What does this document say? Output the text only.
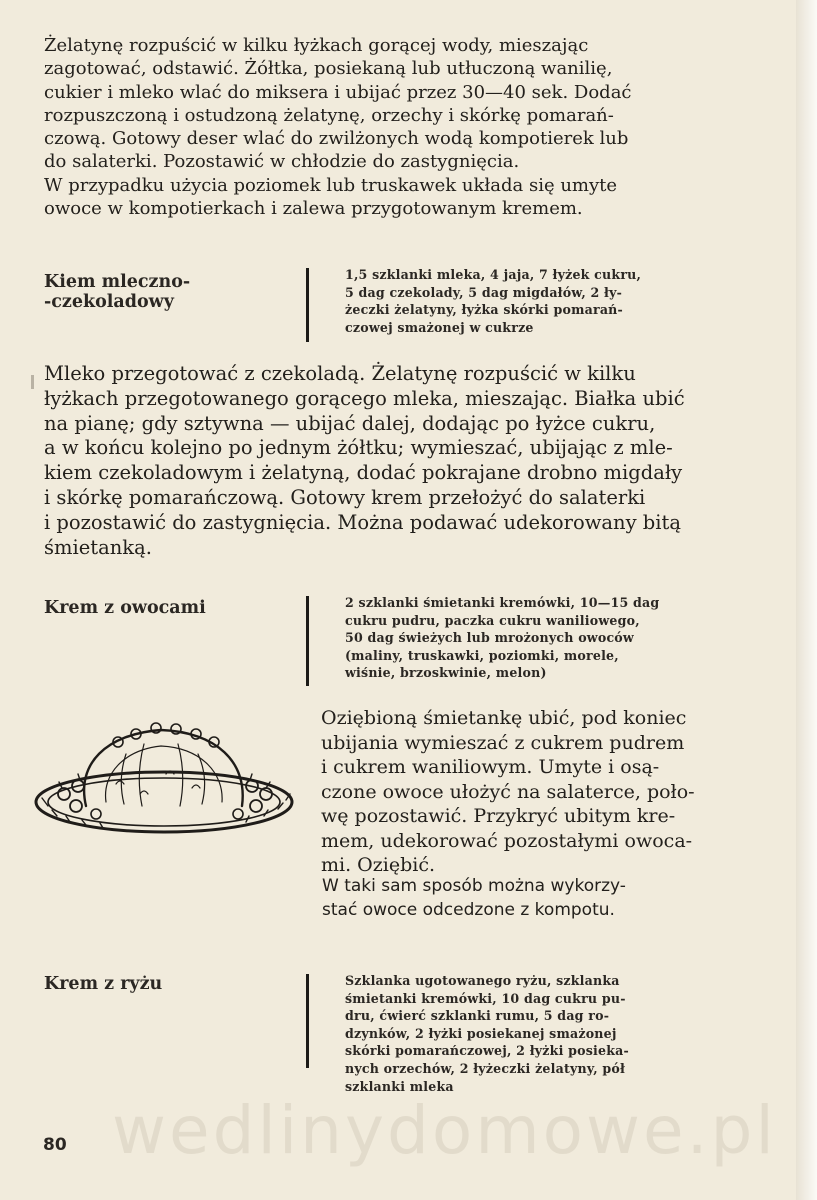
Żelatynę rozpuścić w kilku łyżkach gorącej wody, mieszając
zagotować, odstawić. Żółtka, posiekaną lub utłuczoną wanilię,
cukier i mleko wlać do miksera i ubijać przez 30—40 sek. Dodać
rozpuszczoną i ostudzoną żelatynę, orzechy i skórkę pomarań-
czową. Gotowy deser wlać do zwilżonych wodą kompotierek lub
do salaterki. Pozostawić w chłodzie do zastygnięcia.
W przypadku użycia poziomek lub truskawek układa się umyte
owoce w kompotierkach i zalewa przygotowanym kremem.
Kiem mleczno-
-czekoladowy
1,5 szklanki mleka, 4 jaja, 7 łyżek cukru,
5 dag czekolady, 5 dag migdałów, 2 ły-
żeczki żelatyny, łyżka skórki pomarań-
czowej smażonej w cukrze
Mleko przegotować z czekoladą. Żelatynę rozpuścić w kilku
łyżkach przegotowanego gorącego mleka, mieszając. Białka ubić
na pianę; gdy sztywna — ubijać dalej, dodając po łyżce cukru,
a w końcu kolejno po jednym żółtku; wymieszać, ubijając z mle-
kiem czekoladowym i żelatyną, dodać pokrajane drobno migdały
i skórkę pomarańczową. Gotowy krem przełożyć do salaterki
i pozostawić do zastygnięcia. Można podawać udekorowany bitą
śmietanką.
Krem z owocami	2 szklanki śmietanki kremówki, 10—15 dag
cukru pudru, paczka cukru waniliowego,
50 dag świeżych lub mrożonych owoców
(maliny, truskawki, poziomki, morele,
wiśnie, brzoskwinie, melon)
Oziębioną śmietankę ubić, pod koniec
ubijania wymieszać z cukrem pudrem
i cukrem waniliowym. Umyte i osą-
czone owoce ułożyć na salaterce, poło-
wę pozostawić. Przykryć ubitym kre-
mem, udekorować pozostałymi owoca-
mi. Oziębić.
W taki sam sposób można wykorzy-
stać owoce odcedzone z kompotu.
Krem z ryżu	Szklanka ugotowanego ryżu, szklanka
śmietanki kremówki, 10 dag cukru pu-
dru, ćwierć szklanki rumu, 5 dag ro-
dzynków, 2 łyżki posiekanej smażonej
skórki pomarańczowej, 2 łyżki posieka-
nych orzechów, 2 łyżeczki żelatyny, pół
szklanki mleka

wedlinydomowe.pl

80
